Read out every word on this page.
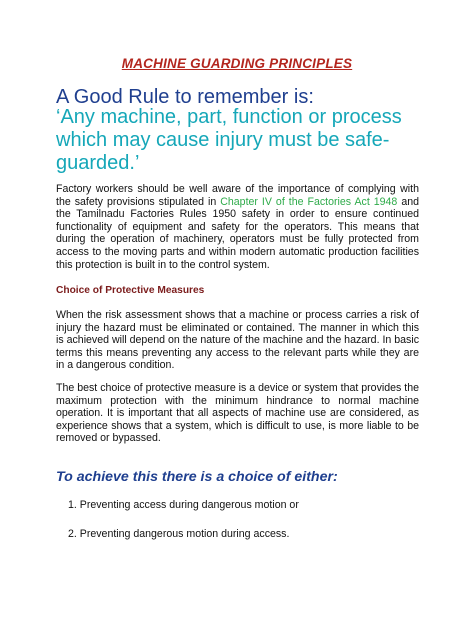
MACHINE GUARDING PRINCIPLES
A Good Rule to remember is:
‘Any machine, part, function or process which may cause injury must be safe-guarded.’
Factory workers should be well aware of the importance of complying with the safety provisions stipulated in Chapter IV of the Factories Act 1948 and the Tamilnadu Factories Rules 1950 safety in order to ensure continued functionality of equipment and safety for the operators. This means that during the operation of machinery, operators must be fully protected from access to the moving parts and within modern automatic production facilities this protection is built in to the control system.
Choice of Protective Measures
When the risk assessment shows that a machine or process carries a risk of injury the hazard must be eliminated or contained. The manner in which this is achieved will depend on the nature of the machine and the hazard. In basic terms this means preventing any access to the relevant parts while they are in a dangerous condition.
The best choice of protective measure is a device or system that provides the maximum protection with the minimum hindrance to normal machine operation. It is important that all aspects of machine use are considered, as experience shows that a system, which is difficult to use, is more liable to be removed or bypassed.
To achieve this there is a choice of either:
1. Preventing access during dangerous motion or
2. Preventing dangerous motion during access.
